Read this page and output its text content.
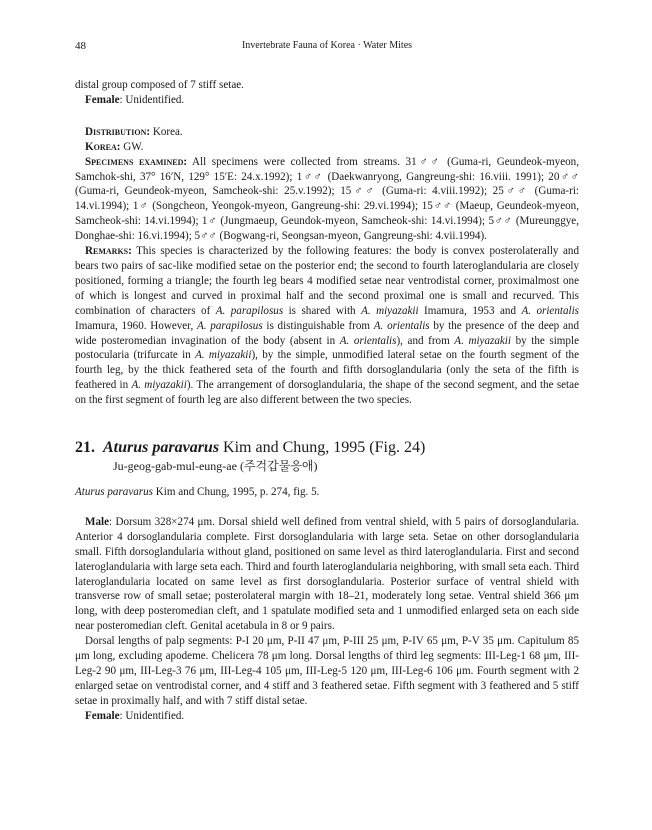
48	Invertebrate Fauna of Korea · Water Mites

distal group composed of 7 stiff setae.

Female: Unidentified.

Distribution: Korea.

Korea: GW.

Specimens examined: All specimens were collected from streams. 31♂♂ (Guma-ri, Geundeok-myeon, Samchok-shi, 37° 16′N, 129° 15′E: 24.x.1992); 1♂♂ (Daekwanryong, Gangreung-shi: 16.viii. 1991); 20♂♂ (Guma-ri, Geundeok-myeon, Samcheok-shi: 25.v.1992); 15♂♂ (Guma-ri: 4.viii.1992); 25♂♂ (Guma-ri: 14.vi.1994); 1♂ (Songcheon, Yeongok-myeon, Gangreung-shi: 29.vi.1994); 15♂♂ (Maeup, Geundeok-myeon, Samcheok-shi: 14.vi.1994); 1♂ (Jungmaeup, Geundok-myeon, Samcheok-shi: 14.vi.1994); 5♂♂ (Mureunggye, Donghae-shi: 16.vi.1994); 5♂♂ (Bogwang-ri, Seongsan-myeon, Gangreung-shi: 4.vii.1994).

Remarks: This species is characterized by the following features: the body is convex posterolaterally and bears two pairs of sac-like modified setae on the posterior end; the second to fourth lateroglandularia are closely positioned, forming a triangle; the fourth leg bears 4 modified setae near ventrodistal corner, proximalmost one of which is longest and curved in proximal half and the second proximal one is small and recurved. This combination of characters of A. parapilosus is shared with A. miyazakii Imamura, 1953 and A. orientalis Imamura, 1960. However, A. parapilosus is distinguishable from A. orientalis by the presence of the deep and wide posteromedian invagination of the body (absent in A. orientalis), and from A. miyazakii by the simple postocularia (trifurcate in A. miyazakii), by the simple, unmodified lateral setae on the fourth segment of the fourth leg, by the thick feathered seta of the fourth and fifth dorsoglandularia (only the seta of the fifth is feathered in A. miyazakii). The arrangement of dorsoglandularia, the shape of the second segment, and the setae on the first segment of fourth leg are also different between the two species.

21. Aturus paravarus Kim and Chung, 1995 (Fig. 24)
Ju-geog-gab-mul-eung-ae (주걱갑물응애)

Aturus paravarus Kim and Chung, 1995, p. 274, fig. 5.

Male: Dorsum 328×274 μm. Dorsal shield well defined from ventral shield, with 5 pairs of dorsoglandularia. Anterior 4 dorsoglandularia complete. First dorsoglandularia with large seta. Setae on other dorsoglandularia small. Fifth dorsoglandularia without gland, positioned on same level as third lateroglandularia. First and second lateroglandularia with large seta each. Third and fourth lateroglandularia neighboring, with small seta each. Third lateroglandularia located on same level as first dorsoglandularia. Posterior surface of ventral shield with transverse row of small setae; posterolateral margin with 18–21, moderately long setae. Ventral shield 366 μm long, with deep posteromedian cleft, and 1 spatulate modified seta and 1 unmodified enlarged seta on each side near posteromedian cleft. Genital acetabula in 8 or 9 pairs.

Dorsal lengths of palp segments: P-I 20 μm, P-II 47 μm, P-III 25 μm, P-IV 65 μm, P-V 35 μm. Capitulum 85 μm long, excluding apodeme. Chelicera 78 μm long. Dorsal lengths of third leg segments: III-Leg-1 68 μm, III-Leg-2 90 μm, III-Leg-3 76 μm, III-Leg-4 105 μm, III-Leg-5 120 μm, III-Leg-6 106 μm. Fourth segment with 2 enlarged setae on ventrodistal corner, and 4 stiff and 3 feathered setae. Fifth segment with 3 feathered and 5 stiff setae in proximally half, and with 7 stiff distal setae.

Female: Unidentified.
